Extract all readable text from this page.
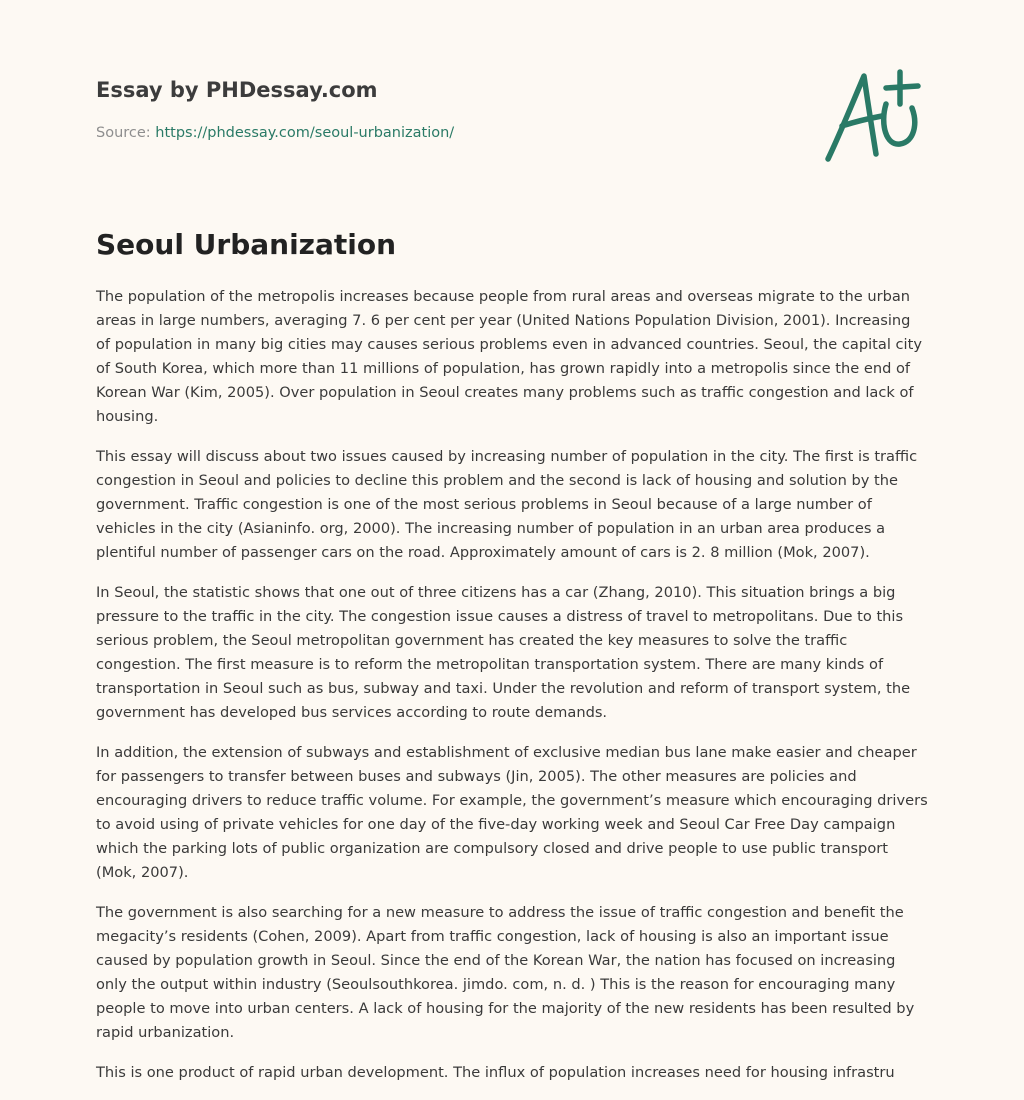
Essay by PHDessay.com
Source: https://phdessay.com/seoul-urbanization/
Seoul Urbanization

The population of the metropolis increases because people from rural areas and overseas migrate to the urban areas in large numbers, averaging 7. 6 per cent per year (United Nations Population Division, 2001). Increasing of population in many big cities may causes serious problems even in advanced countries. Seoul, the capital city of South Korea, which more than 11 millions of population, has grown rapidly into a metropolis since the end of Korean War (Kim, 2005). Over population in Seoul creates many problems such as traffic congestion and lack of housing.

This essay will discuss about two issues caused by increasing number of population in the city. The first is traffic congestion in Seoul and policies to decline this problem and the second is lack of housing and solution by the government. Traffic congestion is one of the most serious problems in Seoul because of a large number of vehicles in the city (Asianinfo. org, 2000). The increasing number of population in an urban area produces a plentiful number of passenger cars on the road. Approximately amount of cars is 2. 8 million (Mok, 2007).

In Seoul, the statistic shows that one out of three citizens has a car (Zhang, 2010). This situation brings a big pressure to the traffic in the city. The congestion issue causes a distress of travel to metropolitans. Due to this serious problem, the Seoul metropolitan government has created the key measures to solve the traffic congestion. The first measure is to reform the metropolitan transportation system. There are many kinds of transportation in Seoul such as bus, subway and taxi. Under the revolution and reform of transport system, the government has developed bus services according to route demands.

In addition, the extension of subways and establishment of exclusive median bus lane make easier and cheaper for passengers to transfer between buses and subways (Jin, 2005). The other measures are policies and encouraging drivers to reduce traffic volume. For example, the government’s measure which encouraging drivers to avoid using of private vehicles for one day of the five-day working week and Seoul Car Free Day campaign which the parking lots of public organization are compulsory closed and drive people to use public transport (Mok, 2007).

The government is also searching for a new measure to address the issue of traffic congestion and benefit the megacity’s residents (Cohen, 2009). Apart from traffic congestion, lack of housing is also an important issue caused by population growth in Seoul. Since the end of the Korean War, the nation has focused on increasing only the output within industry (Seoulsouthkorea. jimdo. com, n. d. ) This is the reason for encouraging many people to move into urban centers. A lack of housing for the majority of the new residents has been resulted by rapid urbanization.

This is one product of rapid urban development. The influx of population increases need for housing infrastru
